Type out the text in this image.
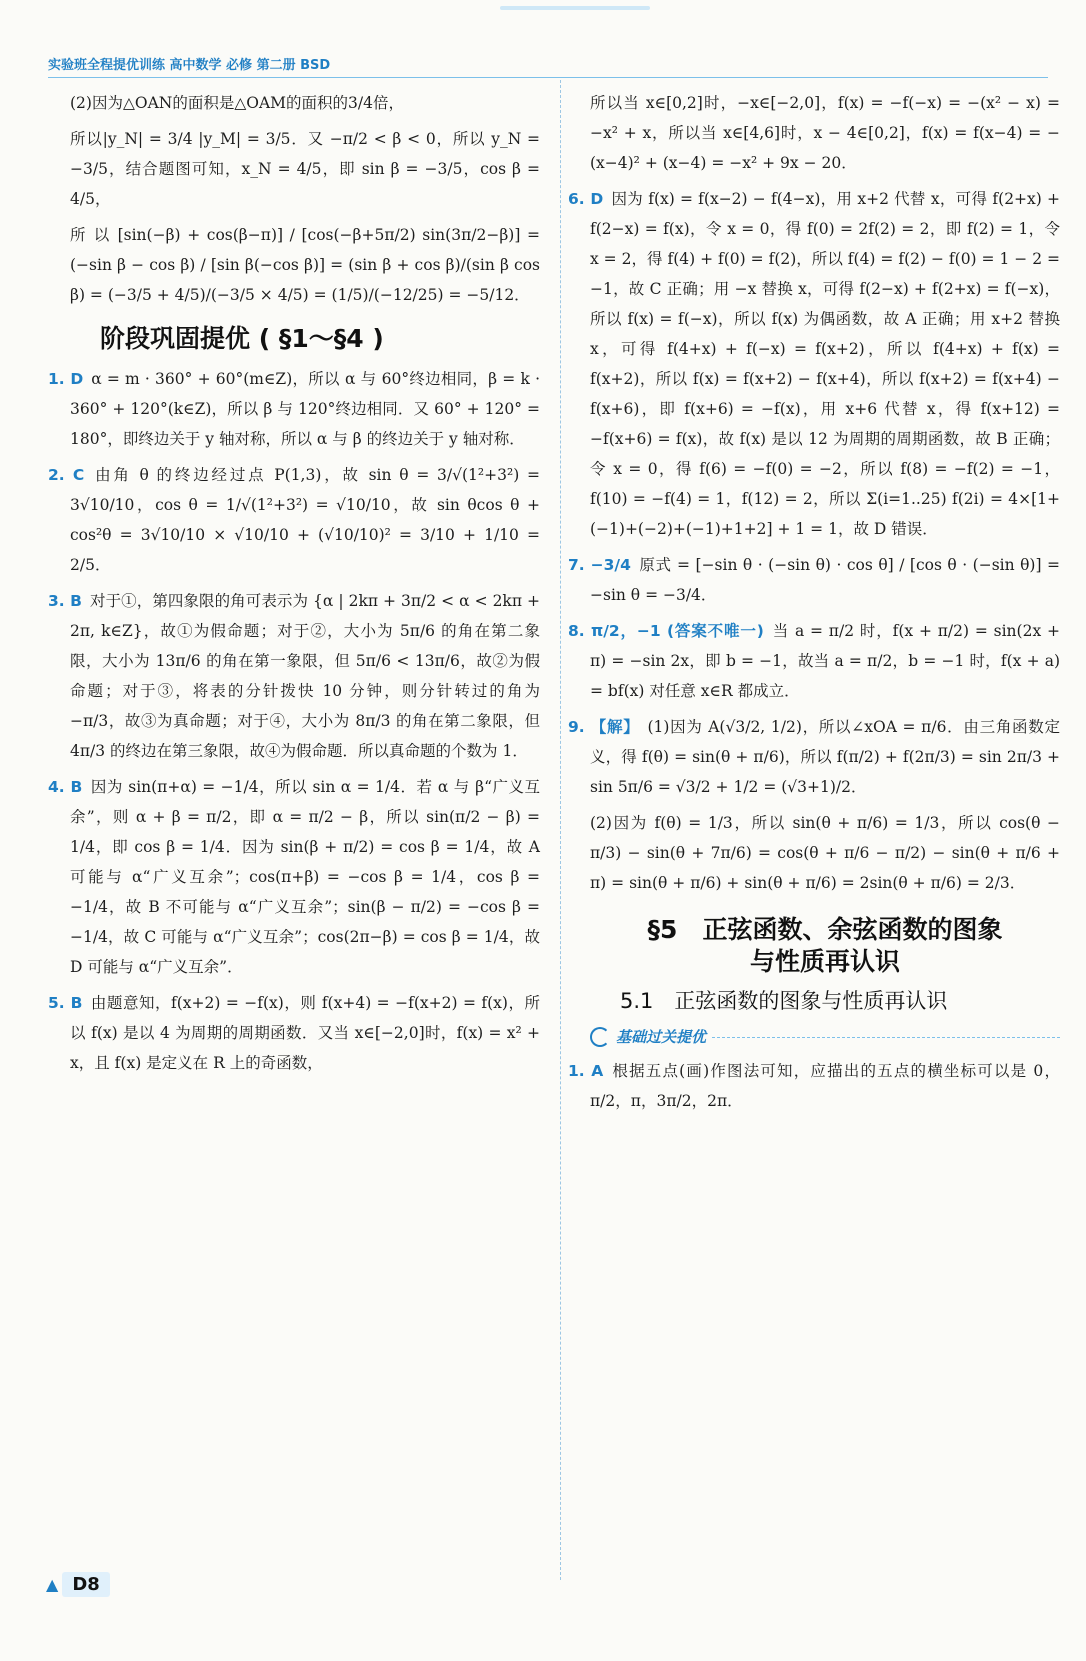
实验班全程提优训练 高中数学 必修 第二册 BSD

(2)因为△OAN的面积是△OAM的面积的3/4倍，

所以|y_N| = 3/4 |y_M| = 3/5．又 −π/2 < β < 0，所以 y_N = −3/5，结合题图可知，x_N = 4/5，即 sin β = −3/5，cos β = 4/5，

所 以 [sin(−β) + cos(β−π)] / [cos(−β+5π/2) sin(3π/2−β)] = (−sin β − cos β) / [sin β(−cos β)] = (sin β + cos β)/(sin β cos β) = (−3/5 + 4/5)/(−3/5 × 4/5) = (1/5)/(−12/25) = −5/12．

阶段巩固提优 ( §1～§4 )

1. D α = m · 360° + 60°(m∈Z)，所以 α 与 60°终边相同，β = k · 360° + 120°(k∈Z)，所以 β 与 120°终边相同．又 60° + 120° = 180°，即终边关于 y 轴对称，所以 α 与 β 的终边关于 y 轴对称．

2. C 由角 θ 的终边经过点 P(1,3)，故 sin θ = 3/√(1²+3²) = 3√10/10，cos θ = 1/√(1²+3²) = √10/10，故 sin θcos θ + cos²θ = 3√10/10 × √10/10 + (√10/10)² = 3/10 + 1/10 = 2/5．

3. B 对于①，第四象限的角可表示为 {α | 2kπ + 3π/2 < α < 2kπ + 2π, k∈Z}，故①为假命题；对于②，大小为 5π/6 的角在第二象限，大小为 13π/6 的角在第一象限，但 5π/6 < 13π/6，故②为假命题；对于③，将表的分针拨快 10 分钟，则分针转过的角为 −π/3，故③为真命题；对于④，大小为 8π/3 的角在第二象限，但 4π/3 的终边在第三象限，故④为假命题．所以真命题的个数为 1．

4. B 因为 sin(π+α) = −1/4，所以 sin α = 1/4．若 α 与 β“广义互余”，则 α + β = π/2，即 α = π/2 − β，所以 sin(π/2 − β) = 1/4，即 cos β = 1/4．因为 sin(β + π/2) = cos β = 1/4，故 A 可能与 α“广义互余”；cos(π+β) = −cos β = 1/4，cos β = −1/4，故 B 不可能与 α“广义互余”；sin(β − π/2) = −cos β = −1/4，故 C 可能与 α“广义互余”；cos(2π−β) = cos β = 1/4，故 D 可能与 α“广义互余”．

5. B 由题意知，f(x+2) = −f(x)，则 f(x+4) = −f(x+2) = f(x)，所以 f(x) 是以 4 为周期的周期函数．又当 x∈[−2,0]时，f(x) = x² + x，且 f(x) 是定义在 R 上的奇函数，

所以当 x∈[0,2]时，−x∈[−2,0]，f(x) = −f(−x) = −(x² − x) = −x² + x，所以当 x∈[4,6]时，x − 4∈[0,2]，f(x) = f(x−4) = −(x−4)² + (x−4) = −x² + 9x − 20．

6. D 因为 f(x) = f(x−2) − f(4−x)，用 x+2 代替 x，可得 f(2+x) + f(2−x) = f(x)，令 x = 0，得 f(0) = 2f(2) = 2，即 f(2) = 1，令 x = 2，得 f(4) + f(0) = f(2)，所以 f(4) = f(2) − f(0) = 1 − 2 = −1，故 C 正确；用 −x 替换 x，可得 f(2−x) + f(2+x) = f(−x)，所以 f(x) = f(−x)，所以 f(x) 为偶函数，故 A 正确；用 x+2 替换 x，可得 f(4+x) + f(−x) = f(x+2)，所以 f(4+x) + f(x) = f(x+2)，所以 f(x) = f(x+2) − f(x+4)，所以 f(x+2) = f(x+4) − f(x+6)，即 f(x+6) = −f(x)，用 x+6 代替 x，得 f(x+12) = −f(x+6) = f(x)，故 f(x) 是以 12 为周期的周期函数，故 B 正确；令 x = 0，得 f(6) = −f(0) = −2，所以 f(8) = −f(2) = −1，f(10) = −f(4) = 1，f(12) = 2，所以 Σ(i=1..25) f(2i) = 4×[1+(−1)+(−2)+(−1)+1+2] + 1 = 1，故 D 错误．

7. −3/4 原式 = [−sin θ · (−sin θ) · cos θ] / [cos θ · (−sin θ)] = −sin θ = −3/4．

8. π/2，−1 (答案不唯一) 当 a = π/2 时，f(x + π/2) = sin(2x + π) = −sin 2x，即 b = −1，故当 a = π/2，b = −1 时，f(x + a) = bf(x) 对任意 x∈R 都成立．

9. 【解】 (1)因为 A(√3/2, 1/2)，所以∠xOA = π/6．由三角函数定义，得 f(θ) = sin(θ + π/6)，所以 f(π/2) + f(2π/3) = sin 2π/3 + sin 5π/6 = √3/2 + 1/2 = (√3+1)/2．

(2)因为 f(θ) = 1/3，所以 sin(θ + π/6) = 1/3，所以 cos(θ − π/3) − sin(θ + 7π/6) = cos(θ + π/6 − π/2) − sin(θ + π/6 + π) = sin(θ + π/6) + sin(θ + π/6) = 2sin(θ + π/6) = 2/3．

§5　正弦函数、余弦函数的图象
与性质再认识
5.1　正弦函数的图象与性质再认识
基础过关提优

1. A 根据五点(画)作图法可知，应描出的五点的横坐标可以是 0，π/2，π，3π/2，2π．

▲ D8
